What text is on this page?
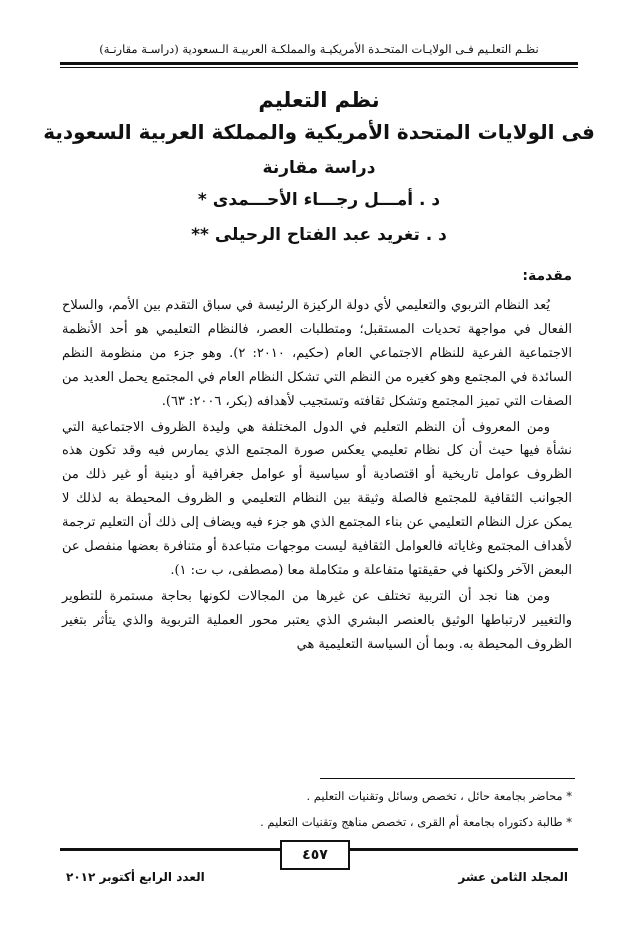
نظـم التعلـيم فـى الولايـات المتحـدة الأمريكيـة والمملكـة العربيـة الـسعودية (دراسـة مقارنـة)
نظم التعليم
فى الولايات المتحدة الأمريكية والمملكة العربية السعودية
دراسة مقارنة
د . أمـــل رجـــاء الأحـــمدى *
د . تغريد عبد الفتاح الرحيلى **
مقدمة:

يُعد النظام التربوي والتعليمي لأي دولة الركيزة الرئيسة في سباق التقدم بين الأمم، والسلاح الفعال في مواجهة تحديات المستقبل؛ ومتطلبات العصر، فالنظام التعليمي هو أحد الأنظمة الاجتماعية الفرعية للنظام الاجتماعي العام (حكيم، ٢٠١٠: ٢). وهو جزء من منظومة النظم السائدة في المجتمع وهو كغيره من النظم التي تشكل النظام العام في المجتمع يحمل العديد من الصفات التي تميز المجتمع وتشكل ثقافته وتستجيب لأهدافه (بكر، ٢٠٠٦: ٦٣).

ومن المعروف أن النظم التعليم في الدول المختلفة هي وليدة الظروف الاجتماعية التي نشأة فيها حيث أن كل نظام تعليمي يعكس صورة المجتمع الذي يمارس فيه وقد تكون هذه الظروف عوامل تاريخية أو اقتصادية أو سياسية أو عوامل جغرافية أو دينية أو غير ذلك من الجوانب الثقافية للمجتمع فالصلة وثيقة بين النظام التعليمي و الظروف المحيطة به لذلك لا يمكن عزل النظام التعليمي عن بناء المجتمع الذي هو جزء فيه ويضاف إلى ذلك أن التعليم ترجمة لأهداف المجتمع وغاياته فالعوامل الثقافية ليست موجهات متباعدة أو متنافرة بعضها منفصل عن البعض الآخر ولكنها في حقيقتها متفاعلة و متكاملة معا (مصطفى، ب ت: ١).

ومن هنا نجد أن التربية تختلف عن غيرها من المجالات لكونها بحاجة مستمرة للتطوير والتغيير لارتباطها الوثيق بالعنصر البشري الذي يعتبر محور العملية التربوية والذي يتأثر بتغير الظروف المحيطة به. وبما أن السياسة التعليمية هي

* محاضر بجامعة حائل ، تخصص وسائل وتقنيات التعليم .
* طالبة دكتوراه بجامعة أم القرى ، تخصص مناهج وتقنيات التعليم .
٤٥٧
العدد الرابع أكتوبر ٢٠١٢	المجلد الثامن عشر
